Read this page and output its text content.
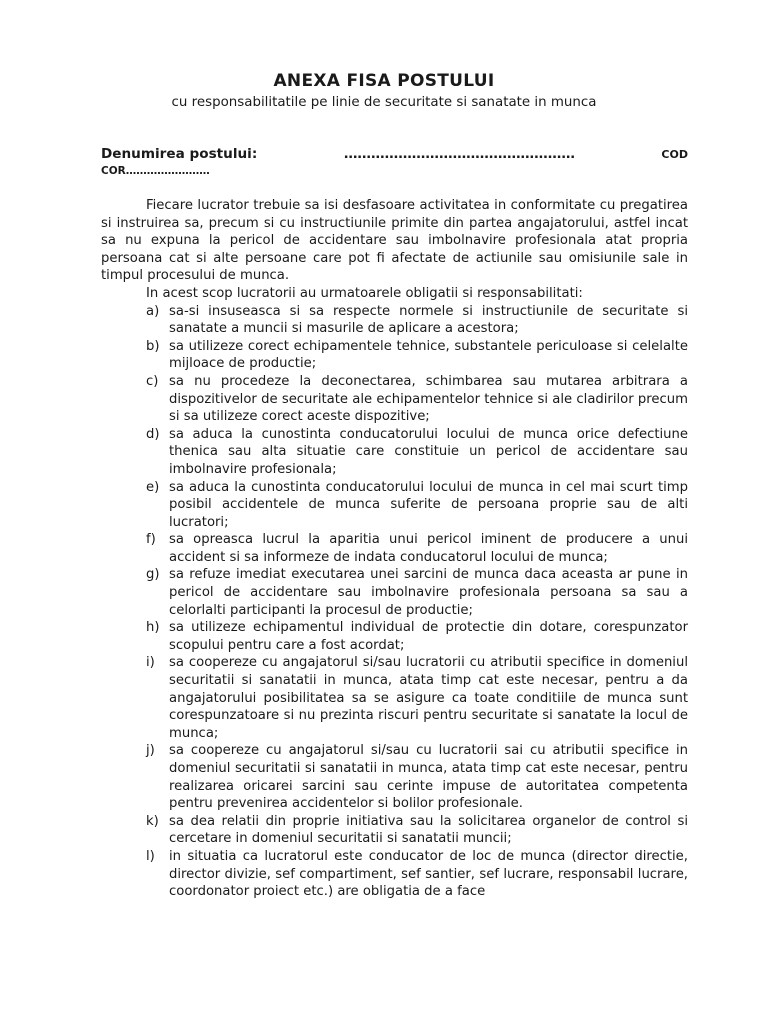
ANEXA FISA POSTULUI
cu responsabilitatile pe linie de securitate si sanatate in munca
Denumirea postului:	……………………………………………	COD
COR……………………

Fiecare lucrator trebuie sa isi desfasoare activitatea in conformitate cu pregatirea si instruirea sa, precum si cu instructiunile primite din partea angajatorului, astfel incat sa nu expuna la pericol de accidentare sau imbolnavire profesionala atat propria persoana cat si alte persoane care pot fi afectate de actiunile sau omisiunile sale in timpul procesului de munca.

In acest scop lucratorii au urmatoarele obligatii si responsabilitati:

a) sa-si insuseasca si sa respecte normele si instructiunile de securitate si sanatate a muncii si masurile de aplicare a acestora;
b) sa utilizeze corect echipamentele tehnice, substantele periculoase si celelalte mijloace de productie;
c) sa nu procedeze la deconectarea, schimbarea sau mutarea arbitrara a dispozitivelor de securitate ale echipamentelor tehnice si ale cladirilor precum si sa utilizeze corect aceste dispozitive;
d) sa aduca la cunostinta conducatorului locului de munca orice defectiune thenica sau alta situatie care constituie un pericol de accidentare sau imbolnavire profesionala;
e) sa aduca la cunostinta conducatorului locului de munca in cel mai scurt timp posibil accidentele de munca suferite de persoana proprie sau de alti lucratori;
f) sa opreasca lucrul la aparitia unui pericol iminent de producere a unui accident si sa informeze de indata conducatorul locului de munca;
g) sa refuze imediat executarea unei sarcini de munca daca aceasta ar pune in pericol de accidentare sau imbolnavire profesionala persoana sa sau a celorlalti participanti la procesul de productie;
h) sa utilizeze echipamentul individual de protectie din dotare, corespunzator scopului pentru care a fost acordat;
i) sa coopereze cu angajatorul si/sau lucratorii cu atributii specifice in domeniul securitatii si sanatatii in munca, atata timp cat este necesar, pentru a da angajatorului posibilitatea sa se asigure ca toate conditiile de munca sunt corespunzatoare si nu prezinta riscuri pentru securitate si sanatate la locul de munca;
j) sa coopereze cu angajatorul si/sau cu lucratorii sai cu atributii specifice in domeniul securitatii si sanatatii in munca, atata timp cat este necesar, pentru realizarea oricarei sarcini sau cerinte impuse de autoritatea competenta pentru prevenirea accidentelor si bolilor profesionale.
k) sa dea relatii din proprie initiativa sau la solicitarea organelor de control si cercetare in domeniul securitatii si sanatatii muncii;
l) in situatia ca lucratorul este conducator de loc de munca (director directie, director divizie, sef compartiment, sef santier, sef lucrare, responsabil lucrare, coordonator proiect etc.) are obligatia de a face
